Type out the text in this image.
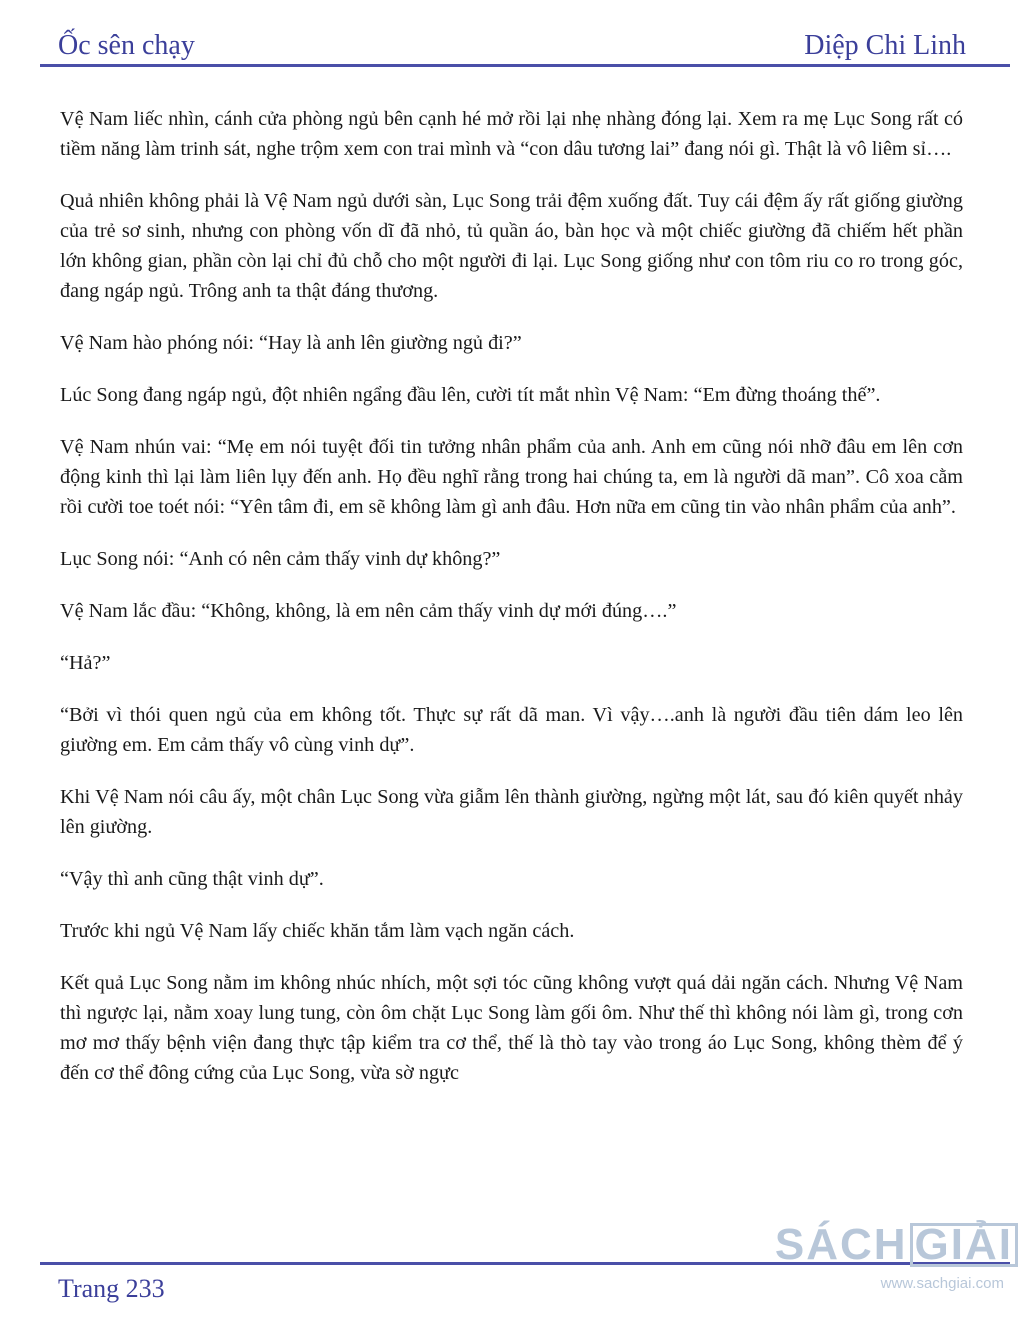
Ốc sên chạy	Diệp Chi Linh

Vệ Nam liếc nhìn, cánh cửa phòng ngủ bên cạnh hé mở rồi lại nhẹ nhàng đóng lại. Xem ra mẹ Lục Song rất có tiềm năng làm trinh sát, nghe trộm xem con trai mình và “con dâu tương lai” đang nói gì. Thật là vô liêm sỉ….

Quả nhiên không phải là Vệ Nam ngủ dưới sàn, Lục Song trải đệm xuống đất. Tuy cái đệm ấy rất giống giường của trẻ sơ sinh, nhưng con phòng vốn dĩ đã nhỏ, tủ quần áo, bàn học và một chiếc giường đã chiếm hết phần lớn không gian, phần còn lại chỉ đủ chỗ cho một người đi lại. Lục Song giống như con tôm riu co ro trong góc, đang ngáp ngủ. Trông anh ta thật đáng thương.

Vệ Nam hào phóng nói: “Hay là anh lên giường ngủ đi?”

Lúc Song đang ngáp ngủ, đột nhiên ngẩng đầu lên, cười tít mắt nhìn Vệ Nam: “Em đừng thoáng thế”.

Vệ Nam nhún vai: “Mẹ em nói tuyệt đối tin tưởng nhân phẩm của anh. Anh em cũng nói nhỡ đâu em lên cơn động kinh thì lại làm liên lụy đến anh. Họ đều nghĩ rằng trong hai chúng ta, em là người dã man”. Cô xoa cằm rồi cười toe toét nói: “Yên tâm đi, em sẽ không làm gì anh đâu. Hơn nữa em cũng tin vào nhân phẩm của anh”.

Lục Song nói: “Anh có nên cảm thấy vinh dự không?”

Vệ Nam lắc đầu: “Không, không, là em nên cảm thấy vinh dự mới đúng….”

“Hả?”

“Bởi vì thói quen ngủ của em không tốt. Thực sự rất dã man. Vì vậy….anh là người đầu tiên dám leo lên giường em. Em cảm thấy vô cùng vinh dự”.

Khi Vệ Nam nói câu ấy, một chân Lục Song vừa giẫm lên thành giường, ngừng một lát, sau đó kiên quyết nhảy lên giường.

“Vậy thì anh cũng thật vinh dự”.

Trước khi ngủ Vệ Nam lấy chiếc khăn tắm làm vạch ngăn cách.

Kết quả Lục Song nằm im không nhúc nhích, một sợi tóc cũng không vượt quá dải ngăn cách. Nhưng Vệ Nam thì ngược lại, nằm xoay lung tung, còn ôm chặt Lục Song làm gối ôm. Như thế thì không nói làm gì, trong cơn mơ mơ thấy bệnh viện đang thực tập kiểm tra cơ thể, thế là thò tay vào trong áo Lục Song, không thèm để ý đến cơ thể đông cứng của Lục Song, vừa sờ ngực

Trang 233
SÁCH GIẢI
www.sachgiai.com
